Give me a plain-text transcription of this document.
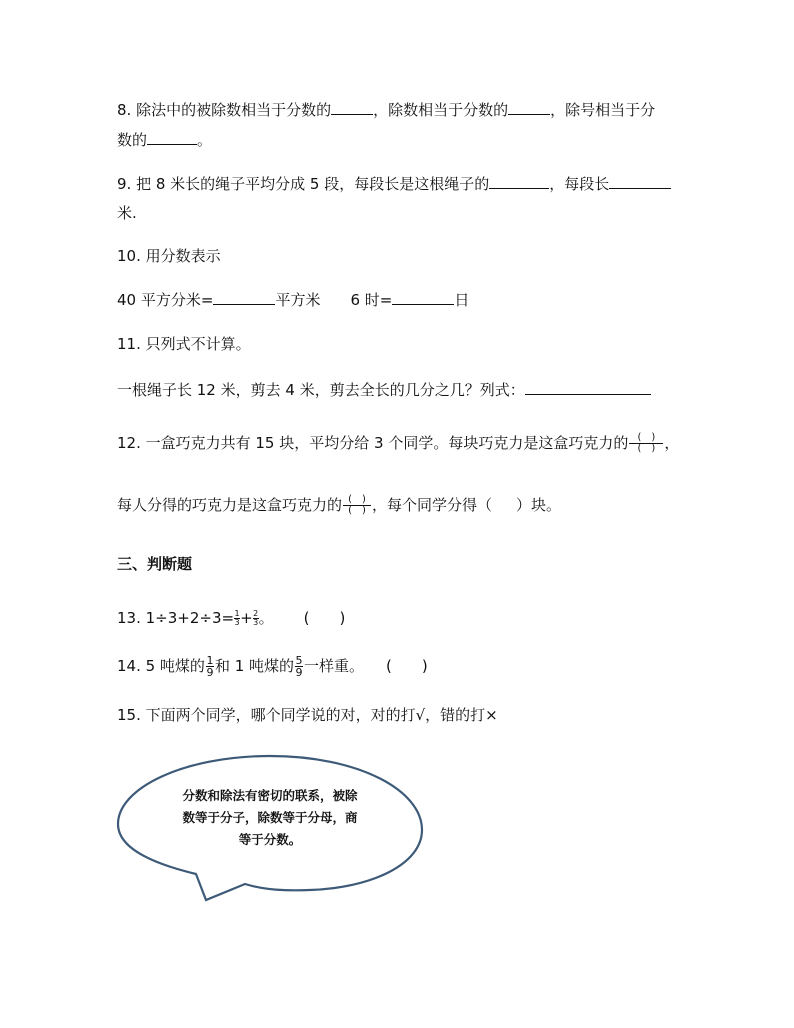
8. 除法中的被除数相当于分数的	，除数相当于分数的	，除号相当于分
数的	。
9. 把 8 米长的绳子平均分成 5 段，每段长是这根绳子的	，每段长
米.
10. 用分数表示
40 平方分米=	平方米 6 时=	日
11. 只列式不计算。
一根绳子长 12 米，剪去 4 米，剪去全长的几分之几？列式：
12. 一盒巧克力共有 15 块，平均分给 3 个同学。每块巧克力是这盒巧克力的 $\frac{( )}{( )}$ ，
每人分得的巧克力是这盒巧克力的 $\frac{( )}{( )}$ ，每个同学分得（ ）块。
三、判断题
13. $1\div 3+2\div 3= \frac{1}{3} + \frac{2}{3}$ 。 (　　)
14. 5 吨煤的 $\frac{1}{9}$ 和 1 吨煤的 $\frac{5}{9}$ 一样重。 (　　)
15. 下面两个同学，哪个同学说的对，对的打√，错的打×
分数和除法有密切的联系，被除
数等于分子，除数等于分母，商
等于分数。
